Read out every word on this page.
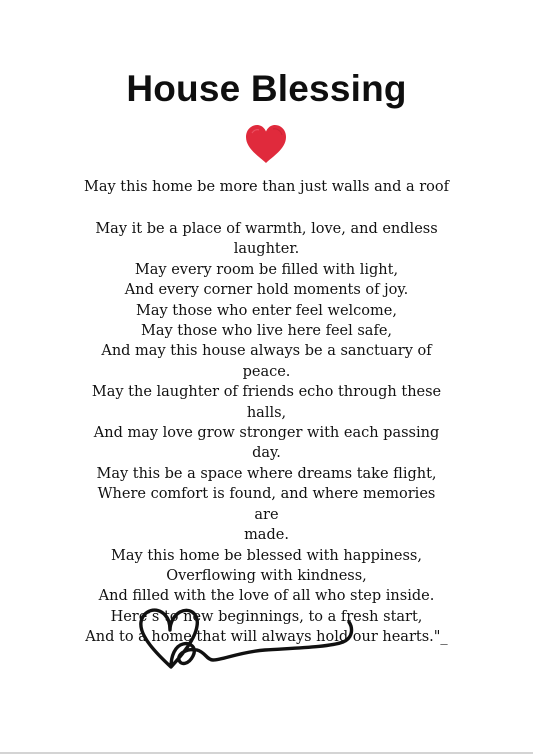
House Blessing

May this home be more than just walls and a roof

May it be a place of warmth, love, and endless
laughter.
May every room be filled with light,
And every corner hold moments of joy.
May those who enter feel welcome,
May those who live here feel safe,
And may this house always be a sanctuary of peace.
May the laughter of friends echo through these
halls,
And may love grow stronger with each passing day.
May this be a space where dreams take flight,
Where comfort is found, and where memories are
made.
May this home be blessed with happiness,
Overflowing with kindness,
And filled with the love of all who step inside.
Here’s to new beginnings, to a fresh start,
And to a home that will always hold our hearts."_
